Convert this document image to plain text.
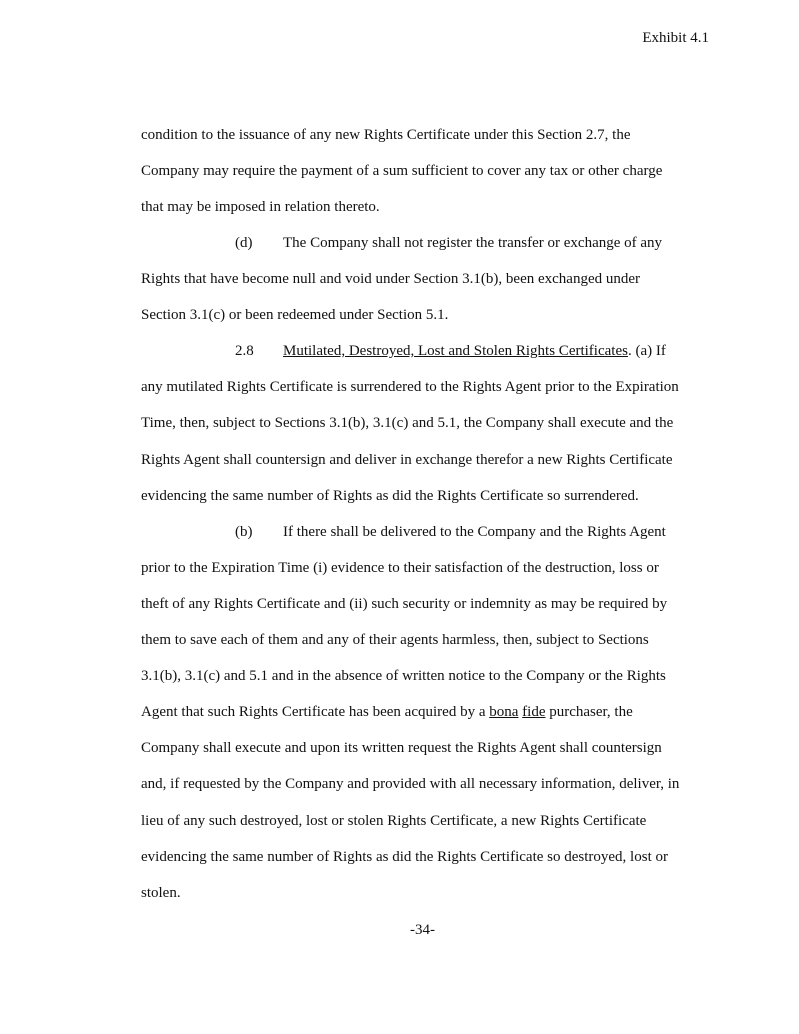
Exhibit 4.1
condition to the issuance of any new Rights Certificate under this Section 2.7, the
Company may require the payment of a sum sufficient to cover any tax or other charge
that may be imposed in relation thereto.
(d) The Company shall not register the transfer or exchange of any
Rights that have become null and void under Section 3.1(b), been exchanged under
Section 3.1(c) or been redeemed under Section 5.1.
2.8 Mutilated, Destroyed, Lost and Stolen Rights Certificates. (a) If
any mutilated Rights Certificate is surrendered to the Rights Agent prior to the Expiration
Time, then, subject to Sections 3.1(b), 3.1(c) and 5.1, the Company shall execute and the
Rights Agent shall countersign and deliver in exchange therefor a new Rights Certificate
evidencing the same number of Rights as did the Rights Certificate so surrendered.
(b) If there shall be delivered to the Company and the Rights Agent
prior to the Expiration Time (i) evidence to their satisfaction of the destruction, loss or
theft of any Rights Certificate and (ii) such security or indemnity as may be required by
them to save each of them and any of their agents harmless, then, subject to Sections
3.1(b), 3.1(c) and 5.1 and in the absence of written notice to the Company or the Rights
Agent that such Rights Certificate has been acquired by a bona fide purchaser, the
Company shall execute and upon its written request the Rights Agent shall countersign
and, if requested by the Company and provided with all necessary information, deliver, in
lieu of any such destroyed, lost or stolen Rights Certificate, a new Rights Certificate
evidencing the same number of Rights as did the Rights Certificate so destroyed, lost or
stolen.
-34-
